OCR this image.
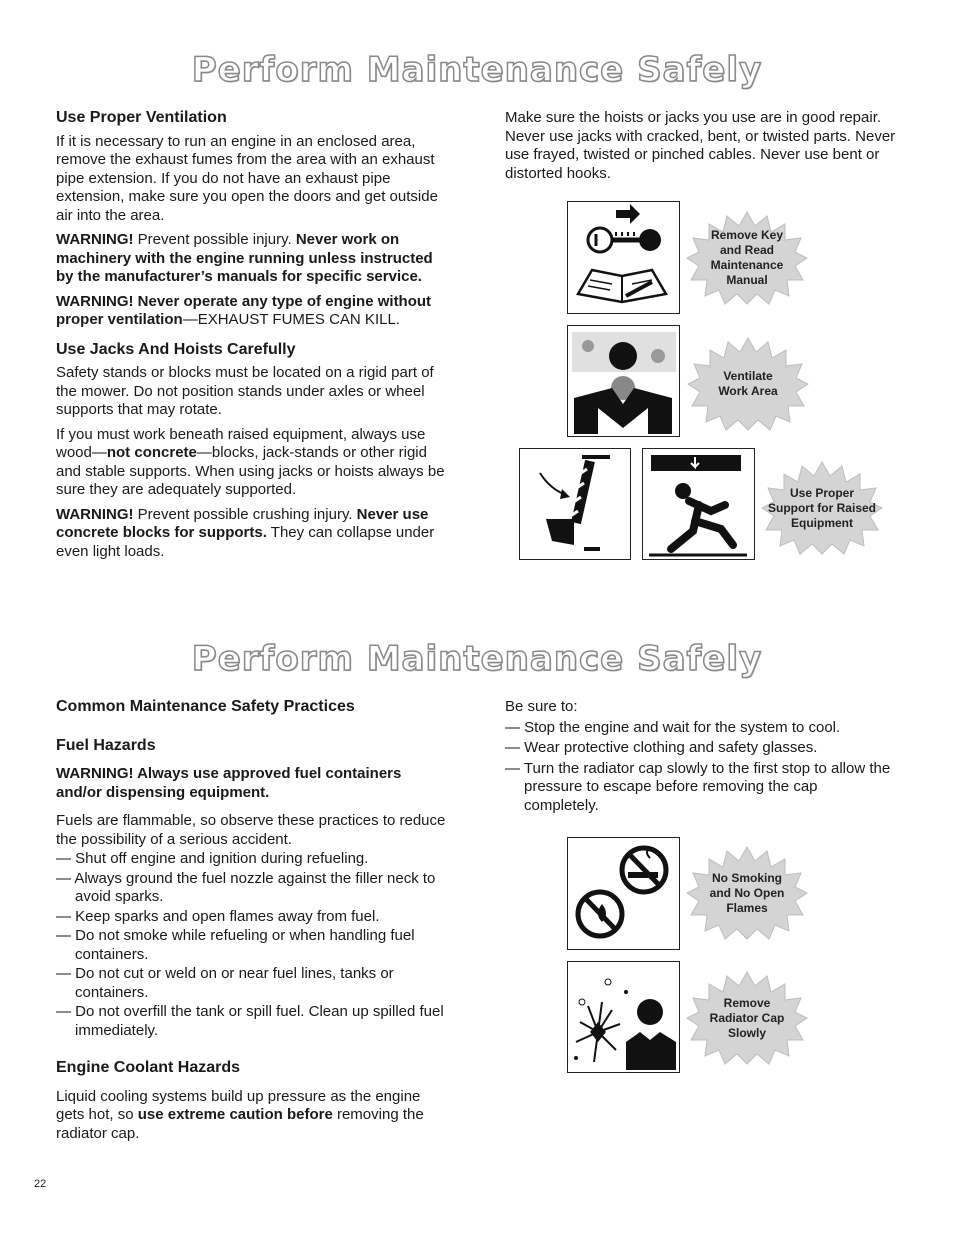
Perform Maintenance Safely
Use Proper Ventilation
If it is necessary to run an engine in an enclosed area, remove the exhaust fumes from the area with an exhaust pipe extension. If you do not have an exhaust pipe extension, make sure you open the doors and get outside air into the area.
WARNING! Prevent possible injury. Never work on machinery with the engine running unless instructed by the manufacturer’s manuals for specific service.
WARNING! Never operate any type of engine without proper ventilation—EXHAUST FUMES CAN KILL.
Use Jacks And Hoists Carefully
Safety stands or blocks must be located on a rigid part of the mower. Do not position stands under axles or wheel supports that may rotate.
If you must work beneath raised equipment, always use wood—not concrete—blocks, jack-stands or other rigid and stable supports. When using jacks or hoists always be sure they are adequately supported.
WARNING! Prevent possible crushing injury. Never use concrete blocks for supports. They can collapse under even light loads.
Make sure the hoists or jacks you use are in good repair. Never use jacks with cracked, bent, or twisted parts. Never use frayed, twisted or pinched cables. Never use bent or distorted hooks.
Remove Key and Read Maintenance Manual
Ventilate Work Area
Use Proper Support for Raised Equipment
Perform Maintenance Safely
Common Maintenance Safety Practices
Fuel Hazards
WARNING! Always use approved fuel containers and/or dispensing equipment.
Fuels are flammable, so observe these practices to reduce the possibility of a serious accident.
— Shut off engine and ignition during refueling.
— Always ground the fuel nozzle against the filler neck to avoid sparks.
— Keep sparks and open flames away from fuel.
— Do not smoke while refueling or when handling fuel containers.
— Do not cut or weld on or near fuel lines, tanks or containers.
— Do not overfill the tank or spill fuel. Clean up spilled fuel immediately.
Engine Coolant Hazards
Liquid cooling systems build up pressure as the engine gets hot, so use extreme caution before removing the radiator cap.
Be sure to:
— Stop the engine and wait for the system to cool.
— Wear protective clothing and safety glasses.
— Turn the radiator cap slowly to the first stop to allow the pressure to escape before removing the cap completely.
No Smoking and No Open Flames
Remove Radiator Cap Slowly
22
